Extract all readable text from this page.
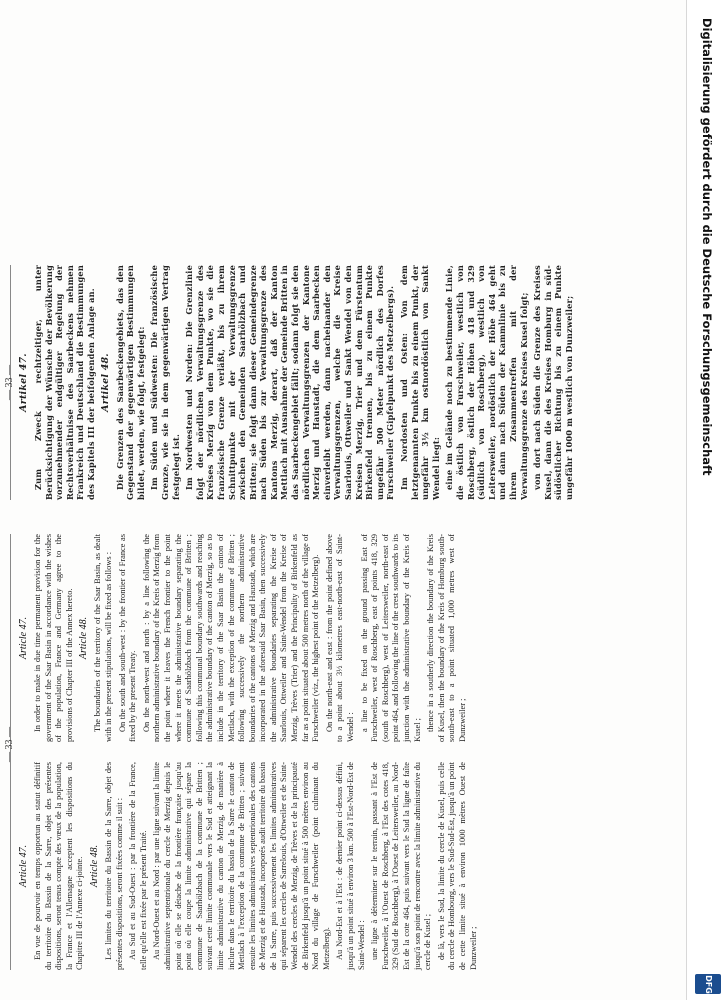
— 33 —
— 33 —
Article 47. En vue de pourvoir en temps opportun au statut définitif du territoire du Bassin de la Sarre, objet des présentes dispositions, seront tenus compte des vœux de la population, la France et l'Allemagne acceptent les dispositions du Chapitre III de l'Annexe ci-jointe. Article 48. Les limites du territoire du Bassin de la Sarre, objet des présentes dispositions, seront fixées comme il suit : Au Sud et au Sud-Ouest : par la frontière de la France, telle qu'elle est fixée par le présent Traité. Au Nord-Ouest et au Nord : par une ligne suivant la limite administrative septentrionale du cercle de Merzig depuis le point où elle se détache de la frontière française jusqu'au point où elle coupe la limite administrative qui sépare la commune de Saarhölzbach de la commune de Britten ; suivant cette limite communale vers le Sud et atteignant la limite administrative du canton de Merzig, de manière à inclure dans le territoire du bassin de la Sarre le canton de Mettlach à l'exception de la commune de Britten ; suivant ensuite les limites administratives septentrionales des cantons de Merzig et de Haustadt, incorporés audit territoire du bassin de la Sarre, puis successivement les limites administratives qui séparent les cercles de Sarrelouis, d'Ottweiler et de Saint-Wendel des cercles de Merzig, de Trèves et de la principauté de Birkenfeld jusqu'à un point situé à 500 mètres environ au Nord du village de Furschweiler (point culminant du Metzelberg). Au Nord-Est et à l'Est : de dernier point ci-dessus défini, jusqu'à un point situé à environ 3 km. 500 à l'Est-Nord-Est de Saint-Wendel : une ligne à déterminer sur le terrain, passant à l'Est de Furschweiler, à l'Ouest de Roschberg, à l'Est des cotes 418, 329 (Sud de Roschberg), à l'Ouest de Leitersweiler, au Nord-Est de la cote 464, puis suivant vers le Sud la ligne de faîte jusqu'à son point de rencontre avec la limite administrative du cercle de Kusel ; de là, vers le Sud, la limite du cercle de Kusel, puis celle du cercle de Hombourg, vers le Sud-Sud-Est, jusqu'à un point de cette limite situé à environ 1000 mètres Ouest de Dunzweiler ;
Article 47. In order to make in due time permanent provision for the government of the Saar Basin in accordance with the wishes of the population, France and Germany agree to the provisions of Chapter III of the Annex hereto. Article 48. The boundaries of the territory of the Saar Basin, as dealt with in the present stipulations, will be fixed as follows : On the south and south-west : by the frontier of France as fixed by the present Treaty. On the north-west and north : by a line following the northern administrative boundary of the Kreis of Merzig from the point where it leaves the French frontier to the point where it meets the administrative boundary separating the commune of Saarhölzbach from the commune of Britten ; following this communal boundary southwards and reaching the administrative boundary of the canton of Merzig, so as to include in the territory of the Saar Basin the canton of Mettlach, with the exception of the commune of Britten ; following successively the northern administrative boundaries of the cantons of Merzig and Haustadt, which are incorporated in the aforesaid Saar Basin, then successively the administrative boundaries separating the Kreise of Saarlouis, Ottweiler and Saint-Wendel from the Kreise of Merzig, Trèves (Trier) and the Principality of Birkenfeld as far as a point situated about 500 metres north of the village of Furschweiler (viz., the highest point of the Metzelberg). On the north-east and east : from the point defined above to a point about 3½ kilometres east-north-east of Saint-Wendel : a line to be fixed on the ground passing East of Furschweiler, west of Roschberg, east of points 418, 329 (south of Roschberg), west of Leitersweiler, north-east of point 464, and following the line of the crest southwards to its junction with the administrative boundary of the Kreis of Kusel ; thence in a southerly direction the boundary of the Kreis of Kusel, then the boundary of the Kreis of Homburg south-south-east to a point situated 1,000 metres west of Dunzweiler ;
Artikel 47. Zum Zweck rechtzeitiger, unter Berücksichtigung der Wünsche der Bevölkerung vorzunehmender endgültiger Regelung der Rechtsverhältnisse des Saarbeckens nehmen Frankreich und Deutschland die Bestimmungen des Kapitels III der beifolgenden Anlage an. Artikel 48. Die Grenzen des Saarbeckengebiets, das den Gegenstand der gegenwärtigen Bestimmungen bildet, werden, wie folgt, festgelegt: Im Süden und Südwesten: Die französische Grenze, wie sie in dem gegenwärtigen Vertrag festgelegt ist. Im Nordwesten und Norden: Die Grenzlinie folgt der nördlichen Verwaltungsgrenze des Kreises Merzig von dem Punkte, wo sie die französische Grenze verläßt, bis zu ihrem Schnittpunkte mit der Verwaltungsgrenze zwischen den Gemeinden Saarhölzbach und Britten; sie folgt dann dieser Gemeindegrenze nach Süden bis zur Verwaltungsgrenze des Kantons Merzig, derart, daß der Kanton Mettlach mit Ausnahme der Gemeinde Britten in das Saarbeckengebiet fällt; sodann folgt sie den nördlichen Verwaltungsgrenzen der Kantone Merzig und Haustadt, die dem Saarbecken einverleibt werden, dann nacheinander den Verwaltungsgrenzen, welche die Kreise Saarlouis, Ottweiler und Sankt Wendel von den Kreisen Merzig, Trier und dem Fürstentum Birkenfeld trennen, bis zu einem Punkte ungefähr 500 Meter nördlich des Dorfes Furschweiler (Gipfelpunkt des Metzelbergs). Im Nordosten und Osten: Von dem letztgenannten Punkte bis zu einem Punkt, der ungefähr 3½ km ostnordöstlich von Sankt Wendel liegt: eine im Gelände noch zu bestimmende Linie, die östlich von Furschweiler, westlich von Roschberg, östlich der Höhen 418 und 329 (südlich von Roschberg), westlich von Leitersweiler, nordöstlich der Höhe 464 geht und dann nach Süden der Kammlinie bis zu ihrem Zusammentreffen mit der Verwaltungsgrenze des Kreises Kusel folgt; von dort nach Süden die Grenze des Kreises Kusel, dann die des Kreises Homburg in süd-südöstlicher Richtung bis zu einem Punkte ungefähr 1000 m westlich von Dunzweiler;	Digitalisierung gefördert durch die Deutsche Forschungsgemeinschaft
DFG
